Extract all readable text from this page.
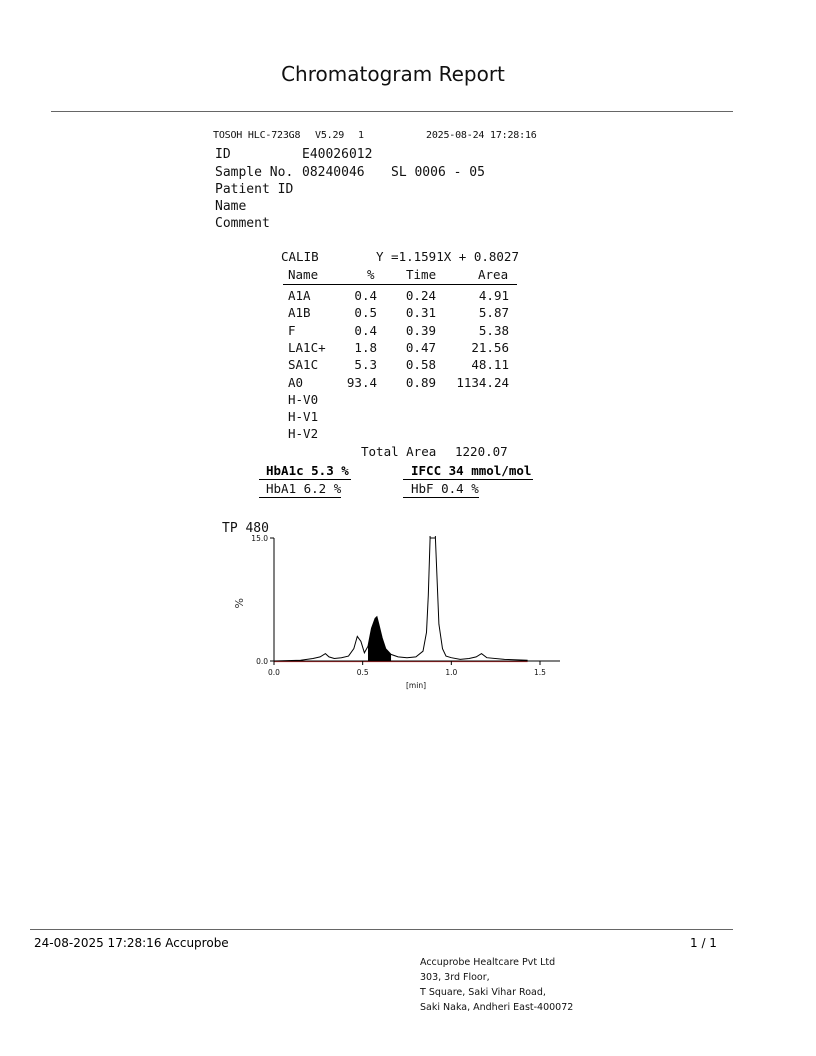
Chromatogram Report
TOSOH HLC-723G8 V5.29 1	2025-08-24 17:28:16
ID	E40026012
Sample No. 08240046 SL 0006 - 05
Patient ID
Name
Comment
CALIB	Y =1.1591X + 0.8027
Name	%	Time	Area
A1A	0.4	0.24	4.91
A1B	0.5	0.31	5.87
F	0.4	0.39	5.38
LA1C+	1.8	0.47	21.56
SA1C	5.3	0.58	48.11
A0	93.4	0.89	1134.24
H-V0
H-V1
H-V2
Total Area 1220.07
HbA1c 5.3 %	IFCC 34 mmol/mol
HbA1 6.2 %	HbF 0.4 %
TP 480
0.0
15.0
0.0	0.5	1.0	1.5
%
[min]
24-08-2025 17:28:16 Accuprobe	1 / 1
Accuprobe Healtcare Pvt Ltd
303, 3rd Floor,
T Square, Saki Vihar Road,
Saki Naka, Andheri East-400072
